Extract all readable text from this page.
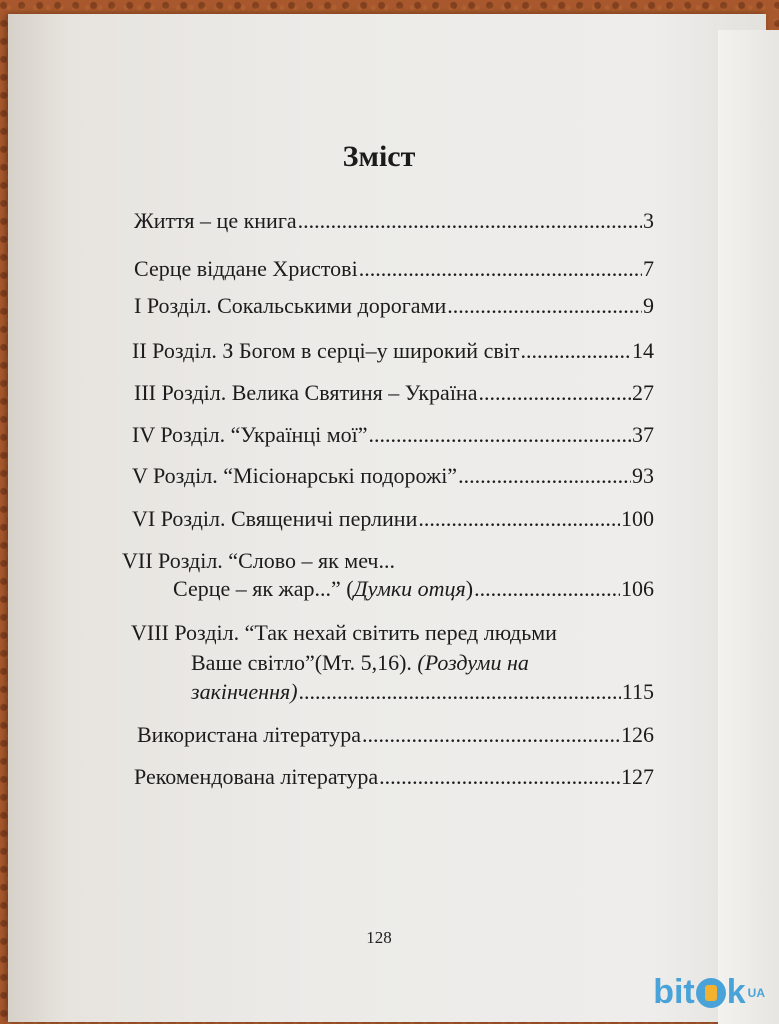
Зміст
Життя – це книга .....	3
Серце віддане Христові .....	7
І Розділ. Сокальськими дорогами .....	9
ІІ Розділ. З Богом в серці–у широкий світ .....	14
ІІІ Розділ. Велика Святиня – Україна .....	27
IV Розділ. “Українці мої” .....	37
V Розділ. “Місіонарські подорожі” .....	93
VI Розділ. Священичі перлини .....	100
VII Розділ. “Слово – як меч...
Серце – як жар...” (Думки отця) .....	106
VIII Розділ. “Так нехай світить перед людьми
Ваше світло”(Мт. 5,16). (Роздуми на
закінчення) .....	115
Використана література .....	126
Рекомендована література .....	127
128
bit k UA
